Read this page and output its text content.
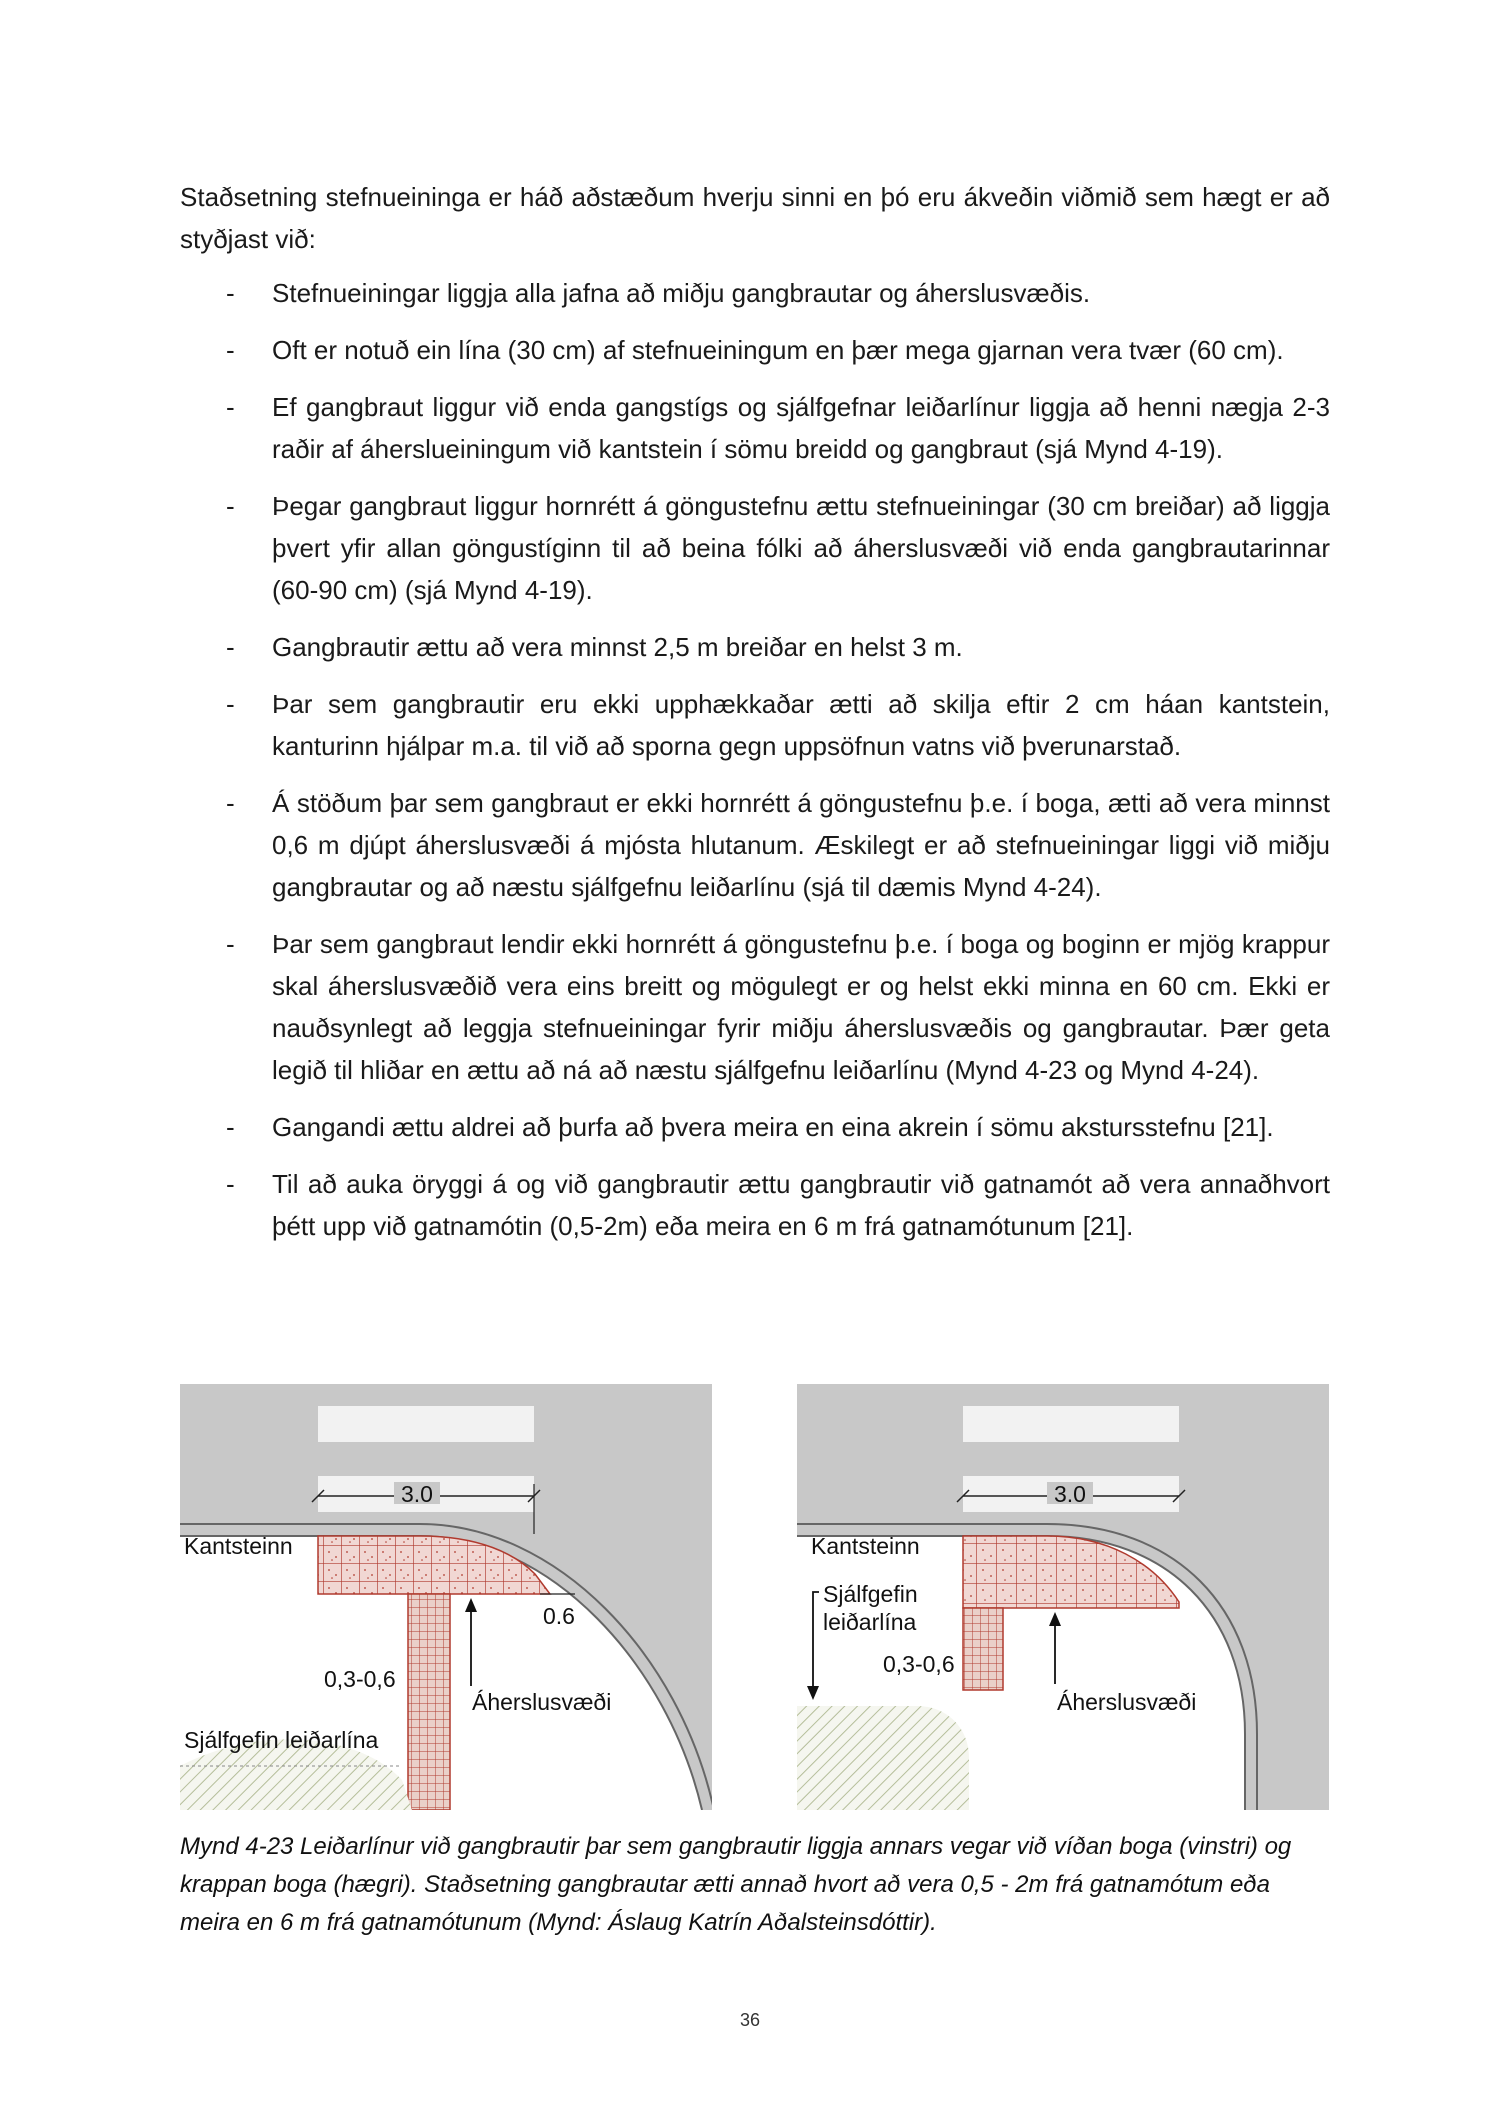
Staðsetning stefnueininga er háð aðstæðum hverju sinni en þó eru ákveðin viðmið sem hægt er að styðjast við:

- Stefnueiningar liggja alla jafna að miðju gangbrautar og áherslusvæðis.
- Oft er notuð ein lína (30 cm) af stefnueiningum en þær mega gjarnan vera tvær (60 cm).
- Ef gangbraut liggur við enda gangstígs og sjálfgefnar leiðarlínur liggja að henni nægja 2-3 raðir af áherslueiningum við kantstein í sömu breidd og gangbraut (sjá Mynd 4-19).
- Þegar gangbraut liggur hornrétt á göngustefnu ættu stefnueiningar (30 cm breiðar) að liggja þvert yfir allan göngustíginn til að beina fólki að áherslusvæði við enda gangbrautarinnar (60-90 cm) (sjá Mynd 4-19).
- Gangbrautir ættu að vera minnst 2,5 m breiðar en helst 3 m.
- Þar sem gangbrautir eru ekki upphækkaðar ætti að skilja eftir 2 cm háan kantstein, kanturinn hjálpar m.a. til við að sporna gegn uppsöfnun vatns við þverunarstað.
- Á stöðum þar sem gangbraut er ekki hornrétt á göngustefnu þ.e. í boga, ætti að vera minnst 0,6 m djúpt áherslusvæði á mjósta hlutanum. Æskilegt er að stefnueiningar liggi við miðju gangbrautar og að næstu sjálfgefnu leiðarlínu (sjá til dæmis Mynd 4-24).
- Þar sem gangbraut lendir ekki hornrétt á göngustefnu þ.e. í boga og boginn er mjög krappur skal áherslusvæðið vera eins breitt og mögulegt er og helst ekki minna en 60 cm. Ekki er nauðsynlegt að leggja stefnueiningar fyrir miðju áherslusvæðis og gangbrautar. Þær geta legið til hliðar en ættu að ná að næstu sjálfgefnu leiðarlínu (Mynd 4-23 og Mynd 4-24).
- Gangandi ættu aldrei að þurfa að þvera meira en eina akrein í sömu akstursstefnu [21].
- Til að auka öryggi á og við gangbrautir ættu gangbrautir við gatnamót að vera annaðhvort þétt upp við gatnamótin (0,5-2m) eða meira en 6 m frá gatnamótunum [21].
3.0
Kantsteinn
0.6
Áherslusvæði
0,3-0,6
Sjálfgefin leiðarlína
3.0
Kantsteinn
Sjálfgefin
leiðarlína
0,3-0,6
Áherslusvæði

Mynd 4-23 Leiðarlínur við gangbrautir þar sem gangbrautir liggja annars vegar við víðan boga (vinstri) og krappan boga (hægri). Staðsetning gangbrautar ætti annað hvort að vera 0,5 - 2m frá gatnamótum eða meira en 6 m frá gatnamótunum (Mynd: Áslaug Katrín Aðalsteinsdóttir).

36
